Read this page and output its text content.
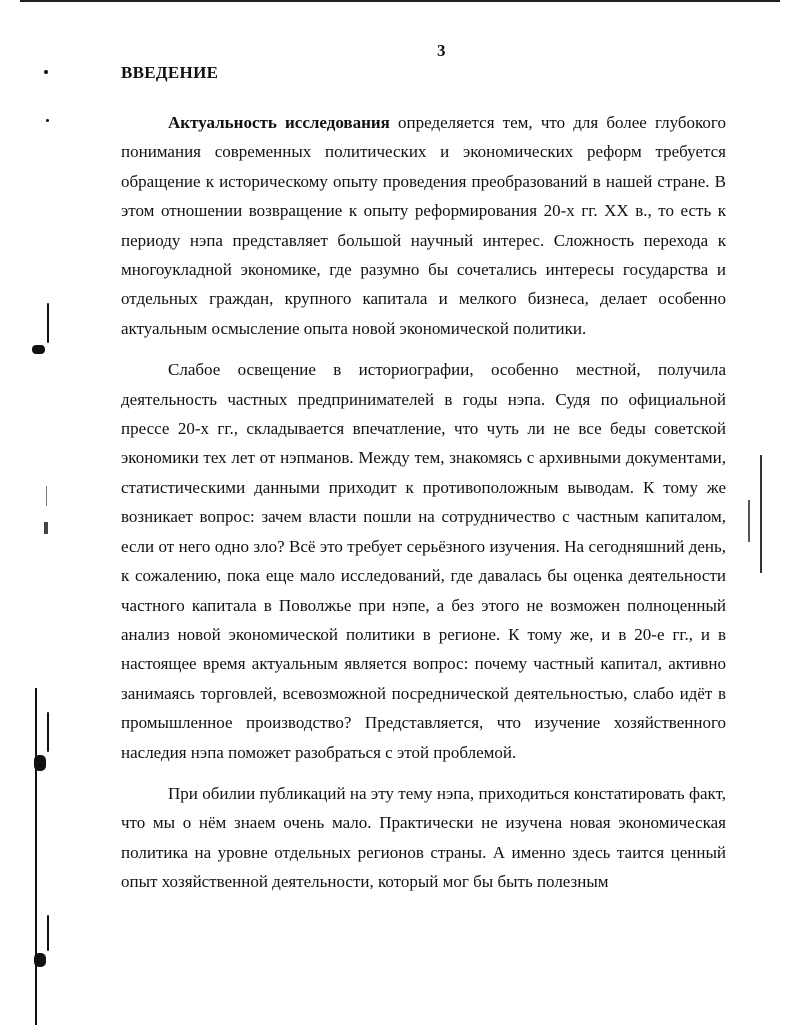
3
ВВЕДЕНИЕ

Актуальность исследования определяется тем, что для более глубокого понимания современных политических и экономических реформ требуется обращение к историческому опыту проведения преобразований в нашей стране. В этом отношении возвращение к опыту реформирования 20-х гг. XX в., то есть к периоду нэпа представляет большой научный интерес. Сложность перехода к многоукладной экономике, где разумно бы сочетались интересы государства и отдельных граждан, крупного капитала и мелкого бизнеса, делает особенно актуальным осмысление опыта новой экономической политики.

Слабое освещение в историографии, особенно местной, получила деятельность частных предпринимателей в годы нэпа. Судя по официальной прессе 20-х гг., складывается впечатление, что чуть ли не все беды советской экономики тех лет от нэпманов. Между тем, знакомясь с архивными документами, статистическими данными приходит к противоположным выводам. К тому же возникает вопрос: зачем власти пошли на сотрудничество с частным капиталом, если от него одно зло? Всё это требует серьёзного изучения. На сегодняшний день, к сожалению, пока еще мало исследований, где давалась бы оценка деятельности частного капитала в Поволжье при нэпе, а без этого не возможен полноценный анализ новой экономической политики в регионе. К тому же, и в 20-е гг., и в настоящее время актуальным является вопрос: почему частный капитал, активно занимаясь торговлей, всевозможной посреднической деятельностью, слабо идёт в промышленное производство? Представляется, что изучение хозяйственного наследия нэпа поможет разобраться с этой проблемой.

При обилии публикаций на эту тему нэпа, приходиться констатировать факт, что мы о нём знаем очень мало. Практически не изучена новая экономическая политика на уровне отдельных регионов страны. А именно здесь таится ценный опыт хозяйственной деятельности, который мог бы быть полезным
